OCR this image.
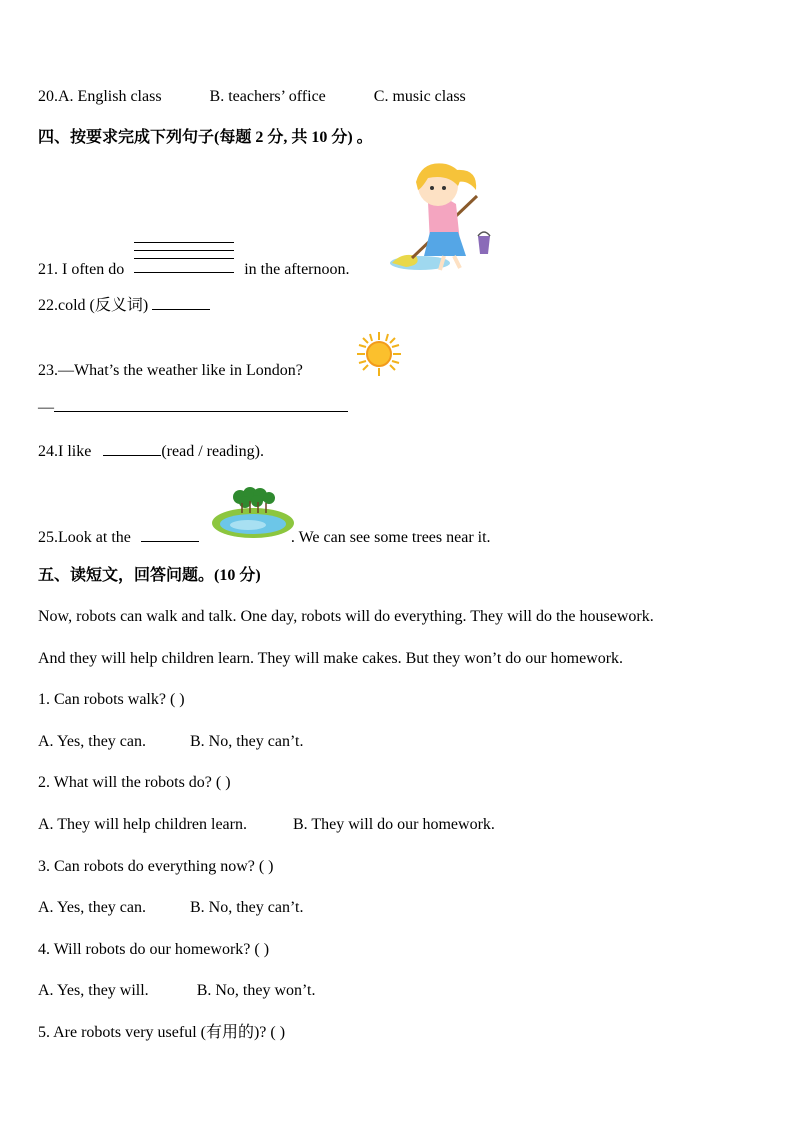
20.A. English class	B. teachers’ office	C. music class
四、按要求完成下列句子(每题 2 分, 共 10 分) 。
21. I often do	in the afternoon.
22.cold (反义词)
23.—What’s the weather like in London?
—
24.I like	(read / reading).
25.Look at the	. We can see some trees near it.
五、读短文，回答问题。(10 分)
Now, robots can walk and talk. One day, robots will do everything. They will do the housework.
And they will help children learn. They will make cakes. But they won’t do our homework.
1. Can robots walk? ( )
A. Yes, they can.	B. No, they can’t.
2. What will the robots do? ( )
A. They will help children learn.	B. They will do our homework.
3. Can robots do everything now? ( )
A. Yes, they can.	B. No, they can’t.
4. Will robots do our homework? ( )
A. Yes, they will.	B. No, they won’t.
5. Are robots very useful (有用的)? ( )
